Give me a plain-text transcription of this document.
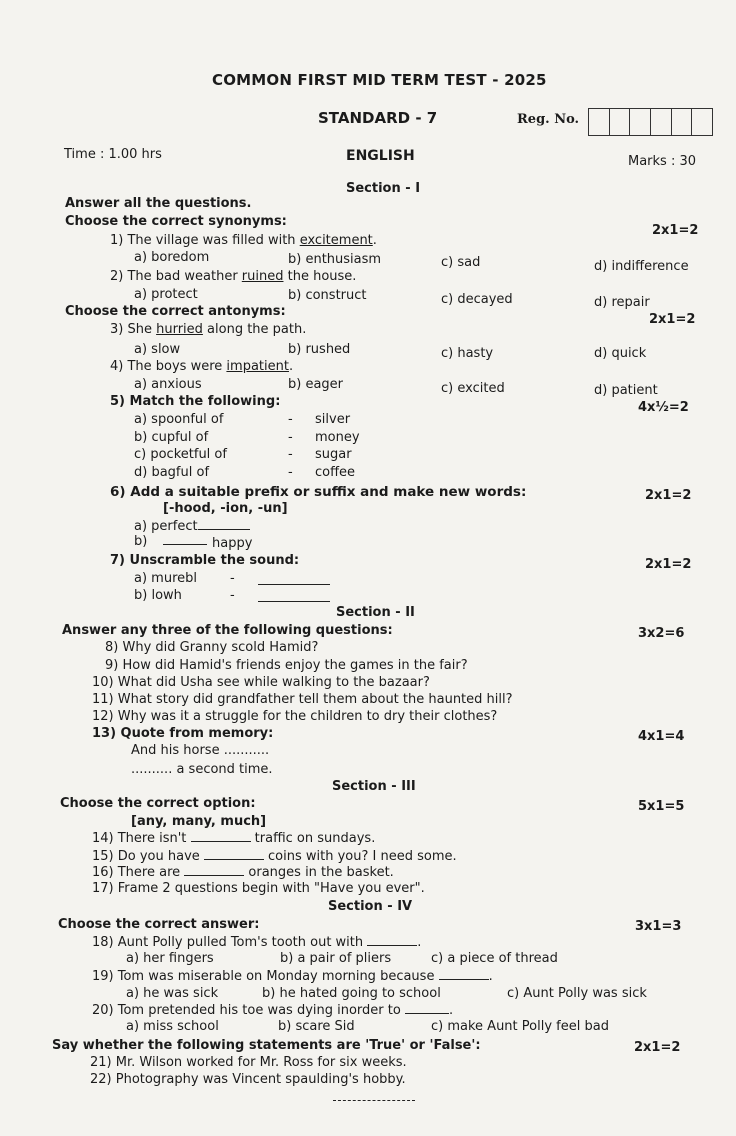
COMMON FIRST MID TERM TEST - 2025
STANDARD - 7	Reg. No.
Time : 1.00 hrs	ENGLISH	Marks : 30
Section - I
Answer all the questions.
Choose the correct synonyms:
2x1=2
1) The village was filled with excitement.
a) boredom	b) enthusiasm	c) sad	d) indifference
2) The bad weather ruined the house.
a) protect	b) construct	c) decayed	d) repair
Choose the correct antonyms:
2x1=2
3) She hurried along the path.
a) slow	b) rushed	c) hasty	d) quick
4) The boys were impatient.
a) anxious	b) eager	c) excited	d) patient
5) Match the following:	4x½=2
a) spoonful of	- silver
b) cupful of	- money
c) pocketful of	- sugar
d) bagful of	- coffee
6) Add a suitable prefix or suffix and make new words:	2x1=2
[-hood, -ion, -un]
a) perfect
b)	happy
7) Unscramble the sound:	2x1=2
a) murebl	-
b) lowh	-
Section - II
Answer any three of the following questions:	3x2=6
8) Why did Granny scold Hamid?
9) How did Hamid's friends enjoy the games in the fair?
10) What did Usha see while walking to the bazaar?
11) What story did grandfather tell them about the haunted hill?
12) Why was it a struggle for the children to dry their clothes?
13) Quote from memory:	4x1=4
And his horse ...........
.......... a second time.
Section - III
Choose the correct option:	5x1=5
[any, many, much]
14) There isn't	traffic on sundays.
15) Do you have	coins with you? I need some.
16) There are	oranges in the basket.
17) Frame 2 questions begin with "Have you ever".
Section - IV
Choose the correct answer:	3x1=3
18) Aunt Polly pulled Tom's tooth out with	.
a) her fingers	b) a pair of pliers	c) a piece of thread
19) Tom was miserable on Monday morning because	.
a) he was sick	b) he hated going to school	c) Aunt Polly was sick
20) Tom pretended his toe was dying inorder to	.
a) miss school	b) scare Sid	c) make Aunt Polly feel bad
Say whether the following statements are 'True' or 'False':	2x1=2
21) Mr. Wilson worked for Mr. Ross for six weeks.
22) Photography was Vincent spaulding's hobby.
